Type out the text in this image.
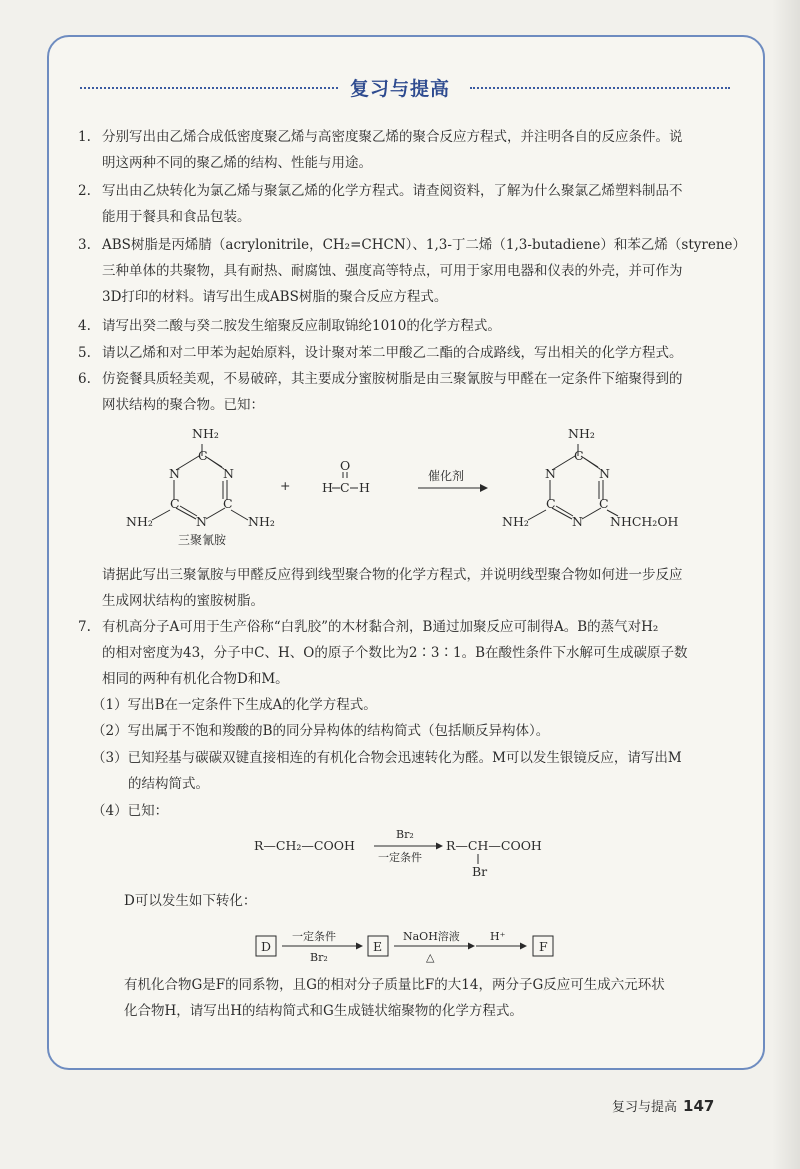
复习与提高
1. 分别写出由乙烯合成低密度聚乙烯与高密度聚乙烯的聚合反应方程式，并注明各自的反应条件。说
明这两种不同的聚乙烯的结构、性能与用途。
2. 写出由乙炔转化为氯乙烯与聚氯乙烯的化学方程式。请查阅资料，了解为什么聚氯乙烯塑料制品不
能用于餐具和食品包装。
3. ABS树脂是丙烯腈（acrylonitrile，CH₂=CHCN）、1,3-丁二烯（1,3-butadiene）和苯乙烯（styrene）
三种单体的共聚物，具有耐热、耐腐蚀、强度高等特点，可用于家用电器和仪表的外壳，并可作为
3D打印的材料。请写出生成ABS树脂的聚合反应方程式。
4. 请写出癸二酸与癸二胺发生缩聚反应制取锦纶1010的化学方程式。
5. 请以乙烯和对二甲苯为起始原料，设计聚对苯二甲酸乙二酯的合成路线，写出相关的化学方程式。
6. 仿瓷餐具质轻美观，不易破碎，其主要成分蜜胺树脂是由三聚氰胺与甲醛在一定条件下缩聚得到的
网状结构的聚合物。已知：
NH₂
C
N	N
C	C
N
NH₂	NH₂
三聚氰胺
+
O
H C H
催化剂
NH₂
C
N	N
C	C
N
NH₂	NHCH₂OH
请据此写出三聚氰胺与甲醛反应得到线型聚合物的化学方程式，并说明线型聚合物如何进一步反应
生成网状结构的蜜胺树脂。
7. 有机高分子A可用于生产俗称“白乳胶”的木材黏合剂，B通过加聚反应可制得A。B的蒸气对H₂
的相对密度为43，分子中C、H、O的原子个数比为2∶3∶1。B在酸性条件下水解可生成碳原子数
相同的两种有机化合物D和M。
（1）写出B在一定条件下生成A的化学方程式。
（2）写出属于不饱和羧酸的B的同分异构体的结构简式（包括顺反异构体）。
（3）已知羟基与碳碳双键直接相连的有机化合物会迅速转化为醛。M可以发生银镜反应，请写出M
的结构简式。
（4）已知：
R—CH₂—COOH
Br₂
一定条件
R—CH—COOH
Br
D可以发生如下转化：
D	E	F
一定条件
Br₂
NaOH溶液
△
H⁺
有机化合物G是F的同系物，且G的相对分子质量比F的大14，两分子G反应可生成六元环状
化合物H，请写出H的结构简式和G生成链状缩聚物的化学方程式。
复习与提高 147
